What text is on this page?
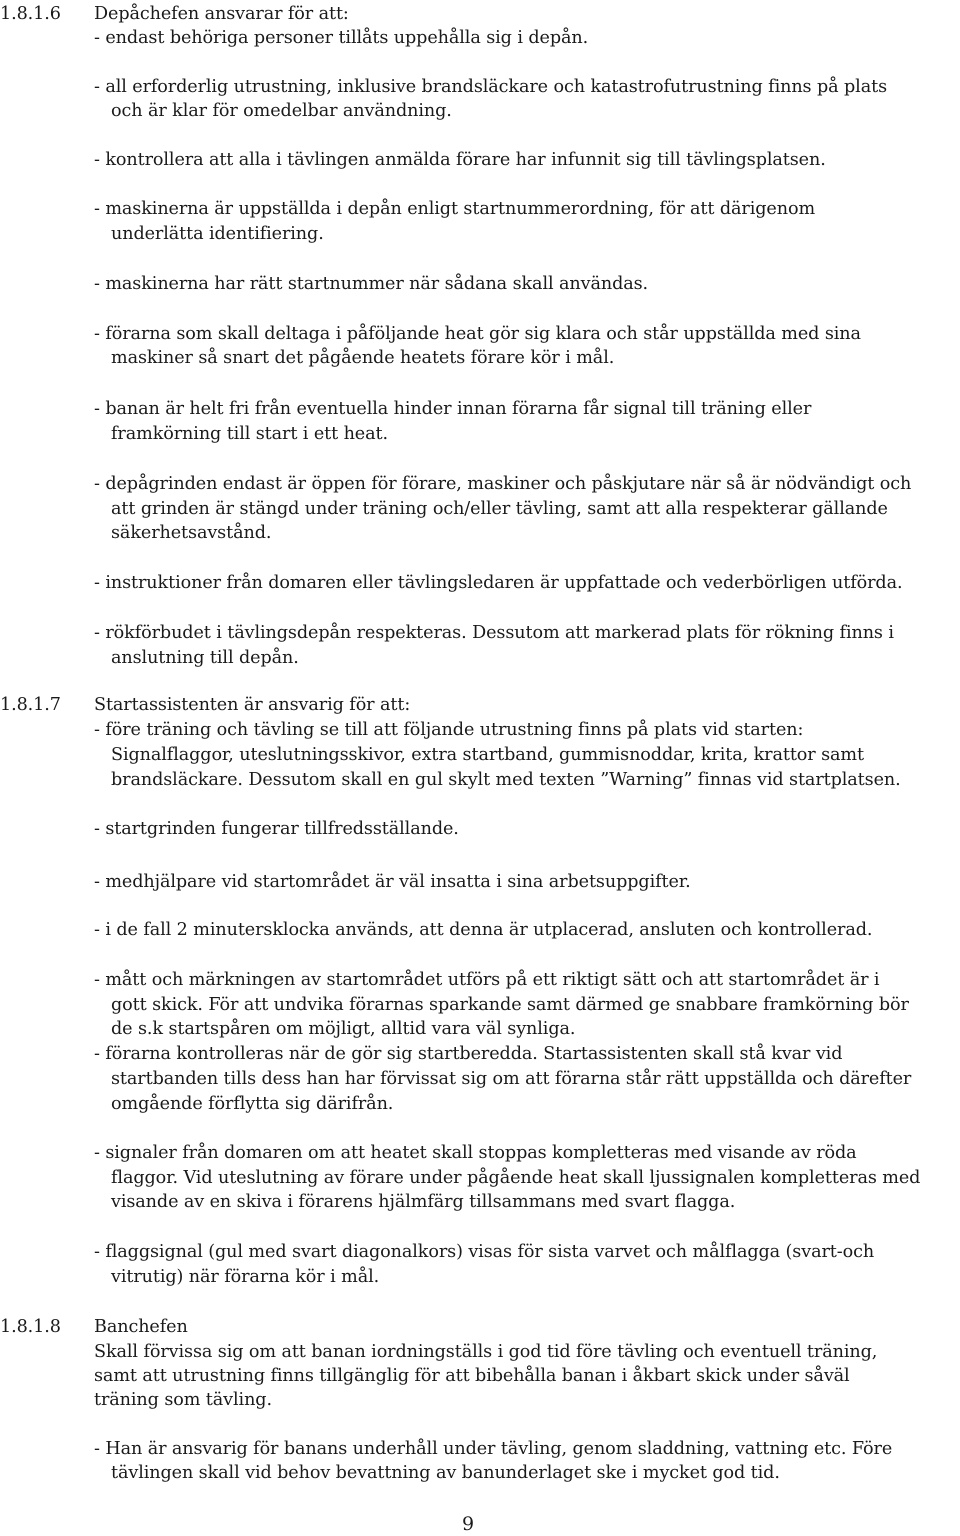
1.8.1.6 Depåchefen ansvarar för att:
- endast behöriga personer tillåts uppehålla sig i depån.
- all erforderlig utrustning, inklusive brandsläckare och katastrofutrustning finns på plats
och är klar för omedelbar användning.
- kontrollera att alla i tävlingen anmälda förare har infunnit sig till tävlingsplatsen.
- maskinerna är uppställda i depån enligt startnummerordning, för att därigenom
underlätta identifiering.
- maskinerna har rätt startnummer när sådana skall användas.
- förarna som skall deltaga i påföljande heat gör sig klara och står uppställda med sina
maskiner så snart det pågående heatets förare kör i mål.
- banan är helt fri från eventuella hinder innan förarna får signal till träning eller
framkörning till start i ett heat.
- depågrinden endast är öppen för förare, maskiner och påskjutare när så är nödvändigt och
att grinden är stängd under träning och/eller tävling, samt att alla respekterar gällande
säkerhetsavstånd.
- instruktioner från domaren eller tävlingsledaren är uppfattade och vederbörligen utförda.
- rökförbudet i tävlingsdepån respekteras. Dessutom att markerad plats för rökning finns i
anslutning till depån.
1.8.1.7 Startassistenten är ansvarig för att:
- före träning och tävling se till att följande utrustning finns på plats vid starten:
Signalflaggor, uteslutningsskivor, extra startband, gummisnoddar, krita, krattor samt
brandsläckare. Dessutom skall en gul skylt med texten ”Warning” finnas vid startplatsen.
- startgrinden fungerar tillfredsställande.
- medhjälpare vid startområdet är väl insatta i sina arbetsuppgifter.
- i de fall 2 minutersklocka används, att denna är utplacerad, ansluten och kontrollerad.
- mått och märkningen av startområdet utförs på ett riktigt sätt och att startområdet är i
gott skick. För att undvika förarnas sparkande samt därmed ge snabbare framkörning bör
de s.k startspåren om möjligt, alltid vara väl synliga.
- förarna kontrolleras när de gör sig startberedda. Startassistenten skall stå kvar vid
startbanden tills dess han har förvissat sig om att förarna står rätt uppställda och därefter
omgående förflytta sig därifrån.
- signaler från domaren om att heatet skall stoppas kompletteras med visande av röda
flaggor. Vid uteslutning av förare under pågående heat skall ljussignalen kompletteras med
visande av en skiva i förarens hjälmfärg tillsammans med svart flagga.
- flaggsignal (gul med svart diagonalkors) visas för sista varvet och målflagga (svart-och
vitrutig) när förarna kör i mål.
1.8.1.8 Banchefen
Skall förvissa sig om att banan iordningställs i god tid före tävling och eventuell träning,
samt att utrustning finns tillgänglig för att bibehålla banan i åkbart skick under såväl
träning som tävling.
- Han är ansvarig för banans underhåll under tävling, genom sladdning, vattning etc. Före
tävlingen skall vid behov bevattning av banunderlaget ske i mycket god tid.
9
